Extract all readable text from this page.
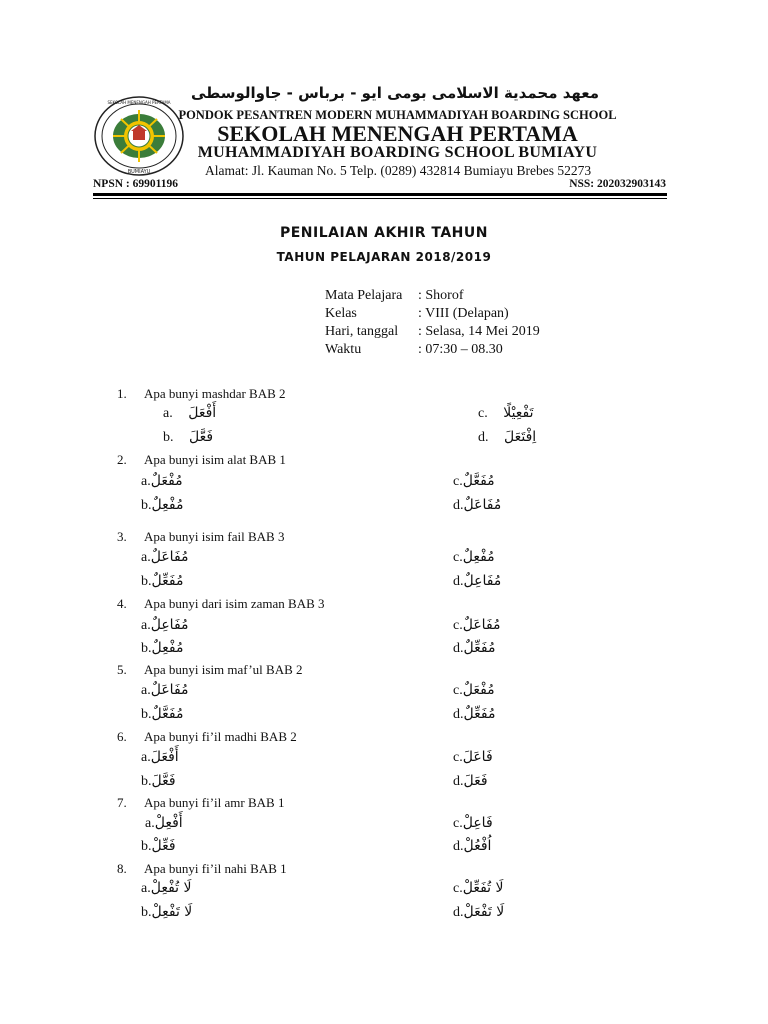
SEKOLAH MENENGAH PERTAMA
BUMIAYU
معهد محمدية الاسلامى بومى ايو - برباس - جاوالوسطى
PONDOK PESANTREN MODERN MUHAMMADIYAH BOARDING SCHOOL
SEKOLAH MENENGAH PERTAMA
MUHAMMADIYAH BOARDING SCHOOL BUMIAYU
Alamat: Jl. Kauman No. 5 Telp. (0289) 432814 Bumiayu Brebes 52273
NPSN : 69901196	NSS: 202032903143
PENILAIAN AKHIR TAHUN
TAHUN PELAJARAN 2018/2019
Mata Pelajara : Shorof
Kelas	: VIII (Delapan)
Hari, tanggal : Selasa, 14 Mei 2019
Waktu	: 07:30 – 08.30
1. Apa bunyi mashdar BAB 2
a. أَفْعَلَ
b. فَعَّلَ
c. تَفْعِيْلًا
d. اِفْتَعَلَ
2. Apa bunyi isim alat BAB 1
a.مُفْعَلٌ
b.مُفْعِلٌ
c.مُفَعَّلٌ
d.مُفَاعَلٌ
3. Apa bunyi isim fail BAB 3
a.مُفَاعَلٌ
b.مُفَعِّلٌ
c.مُفْعِلٌ
d.مُفَاعِلٌ
4. Apa bunyi dari isim zaman BAB 3
a.مُفَاعِلٌ
b.مُفْعِلٌ
c.مُفَاعَلٌ
d.مُفَعِّلٌ
5. Apa bunyi isim maf’ul BAB 2
a.مُفَاعَلٌ
b.مُفَعَّلٌ
c.مُفْعَلٌ
d.مُفَعِّلٌ
6. Apa bunyi fi’il madhi BAB 2
a.أَفْعَلَ
b.فَعَّلَ
c.فَاعَلَ
d.فَعَلَ
7. Apa bunyi fi’il amr BAB 1
a.أَفْعِلْ
b.فَعِّلْ
c.فَاعِلْ
d.اُفْعُلْ
8. Apa bunyi fi’il nahi BAB 1
a.لَا تُفْعِلْ
b.لَا تَفْعِلْ
c.لَا تُفَعِّلْ
d.لَا تَفْعَلْ
